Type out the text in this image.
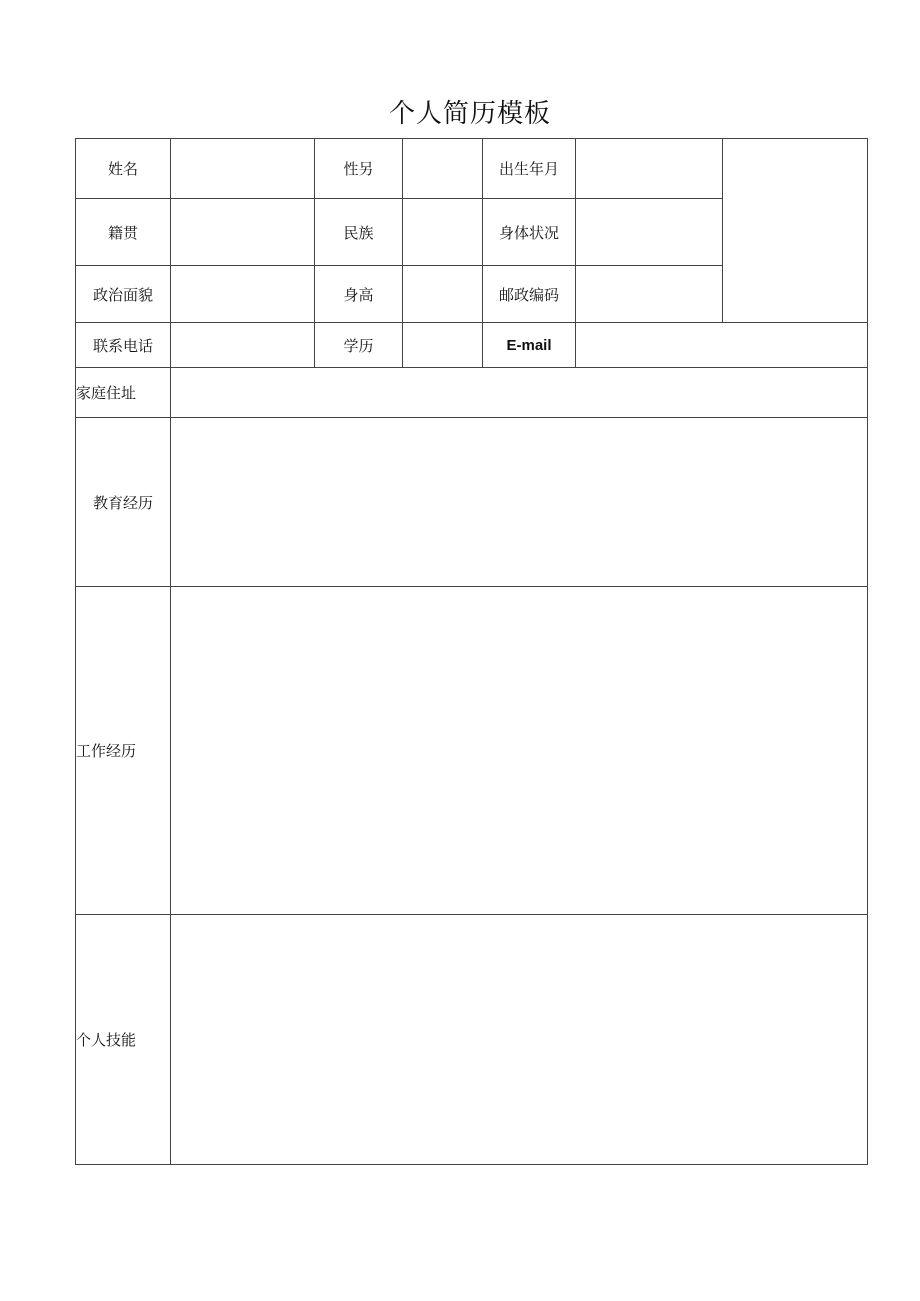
个人简历模板
姓名		性另		出生年月		
籍贯		民族		身体状况		
政治面貌		身高		邮政编码		
联系电话		学历		E-mail		
家庭住址						
教育经历						
工作经历						
个人技能						
